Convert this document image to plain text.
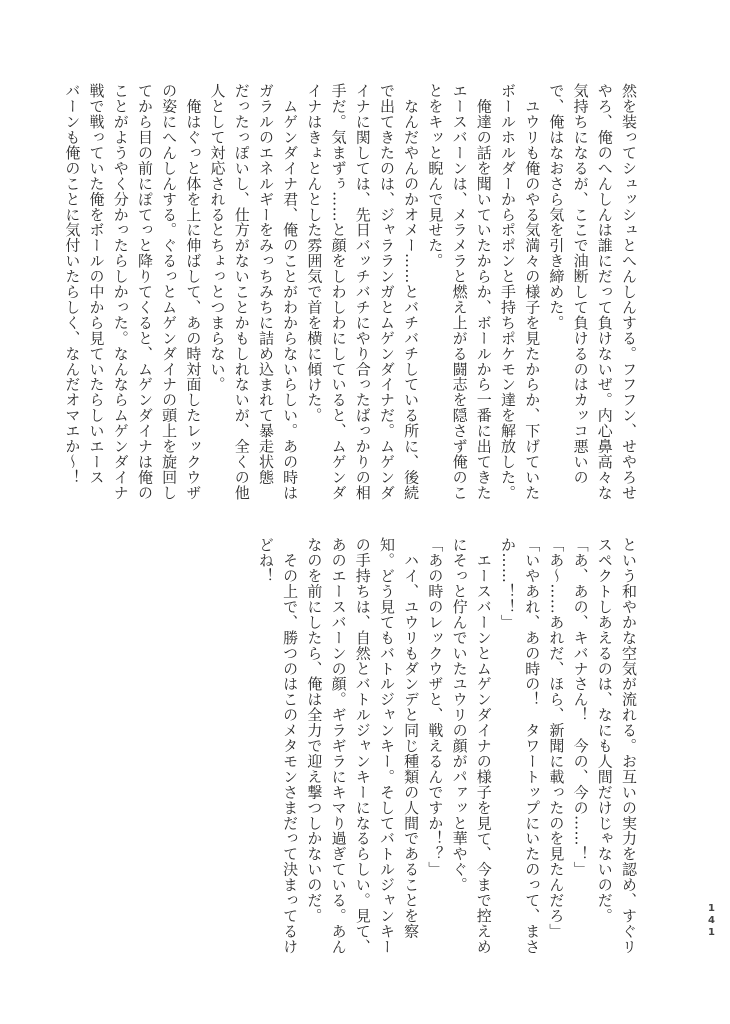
然を装ってシュッシュとへんしんする。フフフン、せやろせ
やろ、俺のへんしんは誰にだって負けないぜ。内心鼻高々な
気持ちになるが、ここで油断して負けるのはカッコ悪いの
で、俺はなおさら気を引き締めた。
　ユウリも俺のやる気満々の様子を見たからか、下げていた
ボールホルダーからポポンと手持ちポケモン達を解放した。
　俺達の話を聞いていたからか、ボールから一番に出てきた
エースバーンは、メラメラと燃え上がる闘志を隠さず俺のこ
とをキッと睨んで見せた。
　なんだやんのかオメー……とバチバチしている所に、後続
で出てきたのは、ジャラランガとムゲンダイナだ。ムゲンダ
イナに関しては、先日バッチバチにやり合ったばっかりの相
手だ。気まずぅ……と顔をしわしわにしていると、ムゲンダ
イナはきょとんとした雰囲気で首を横に傾けた。
　ムゲンダイナ君、俺のことがわからないらしい。あの時は
ガラルのエネルギーをみっちみちに詰め込まれて暴走状態
だったっぽいし、仕方がないことかもしれないが、全くの他
人として対応されるとちょっとつまらない。
　俺はぐっと体を上に伸ばして、あの時対面したレックウザ
の姿にへんしんする。ぐるっとムゲンダイナの頭上を旋回し
てから目の前にぽてっと降りてくると、ムゲンダイナは俺の
ことがようやく分かったらしかった。なんならムゲンダイナ
戦で戦っていた俺をボールの中から見ていたらしいエース
バーンも俺のことに気付いたらしく、なんだオマエか〜！
という和やかな空気が流れる。お互いの実力を認め、すぐリ
スペクトしあえるのは、なにも人間だけじゃないのだ。
「あ、あの、キバナさん！　今の、今の……！」
「あ〜……あれだ、ほら、新聞に載ったのを見たんだろ」
「いやあれ、あの時の！　タワートップにいたのって、まさ
か……！！」
　エースバーンとムゲンダイナの様子を見て、今まで控えめ
にそっと佇んでいたユウリの顔がパァッと華やぐ。
「あの時のレックウザと、戦えるんですか！？」
　ハイ、ユウリもダンデと同じ種類の人間であることを察
知。どう見てもバトルジャンキー。そしてバトルジャンキー
の手持ちは、自然とバトルジャンキーになるらしい。見て、
あのエースバーンの顔。ギラギラにキマり過ぎている。あん
なのを前にしたら、俺は全力で迎え撃つしかないのだ。
　その上で、勝つのはこのメタモンさまだって決まってるけ
どね！
141
